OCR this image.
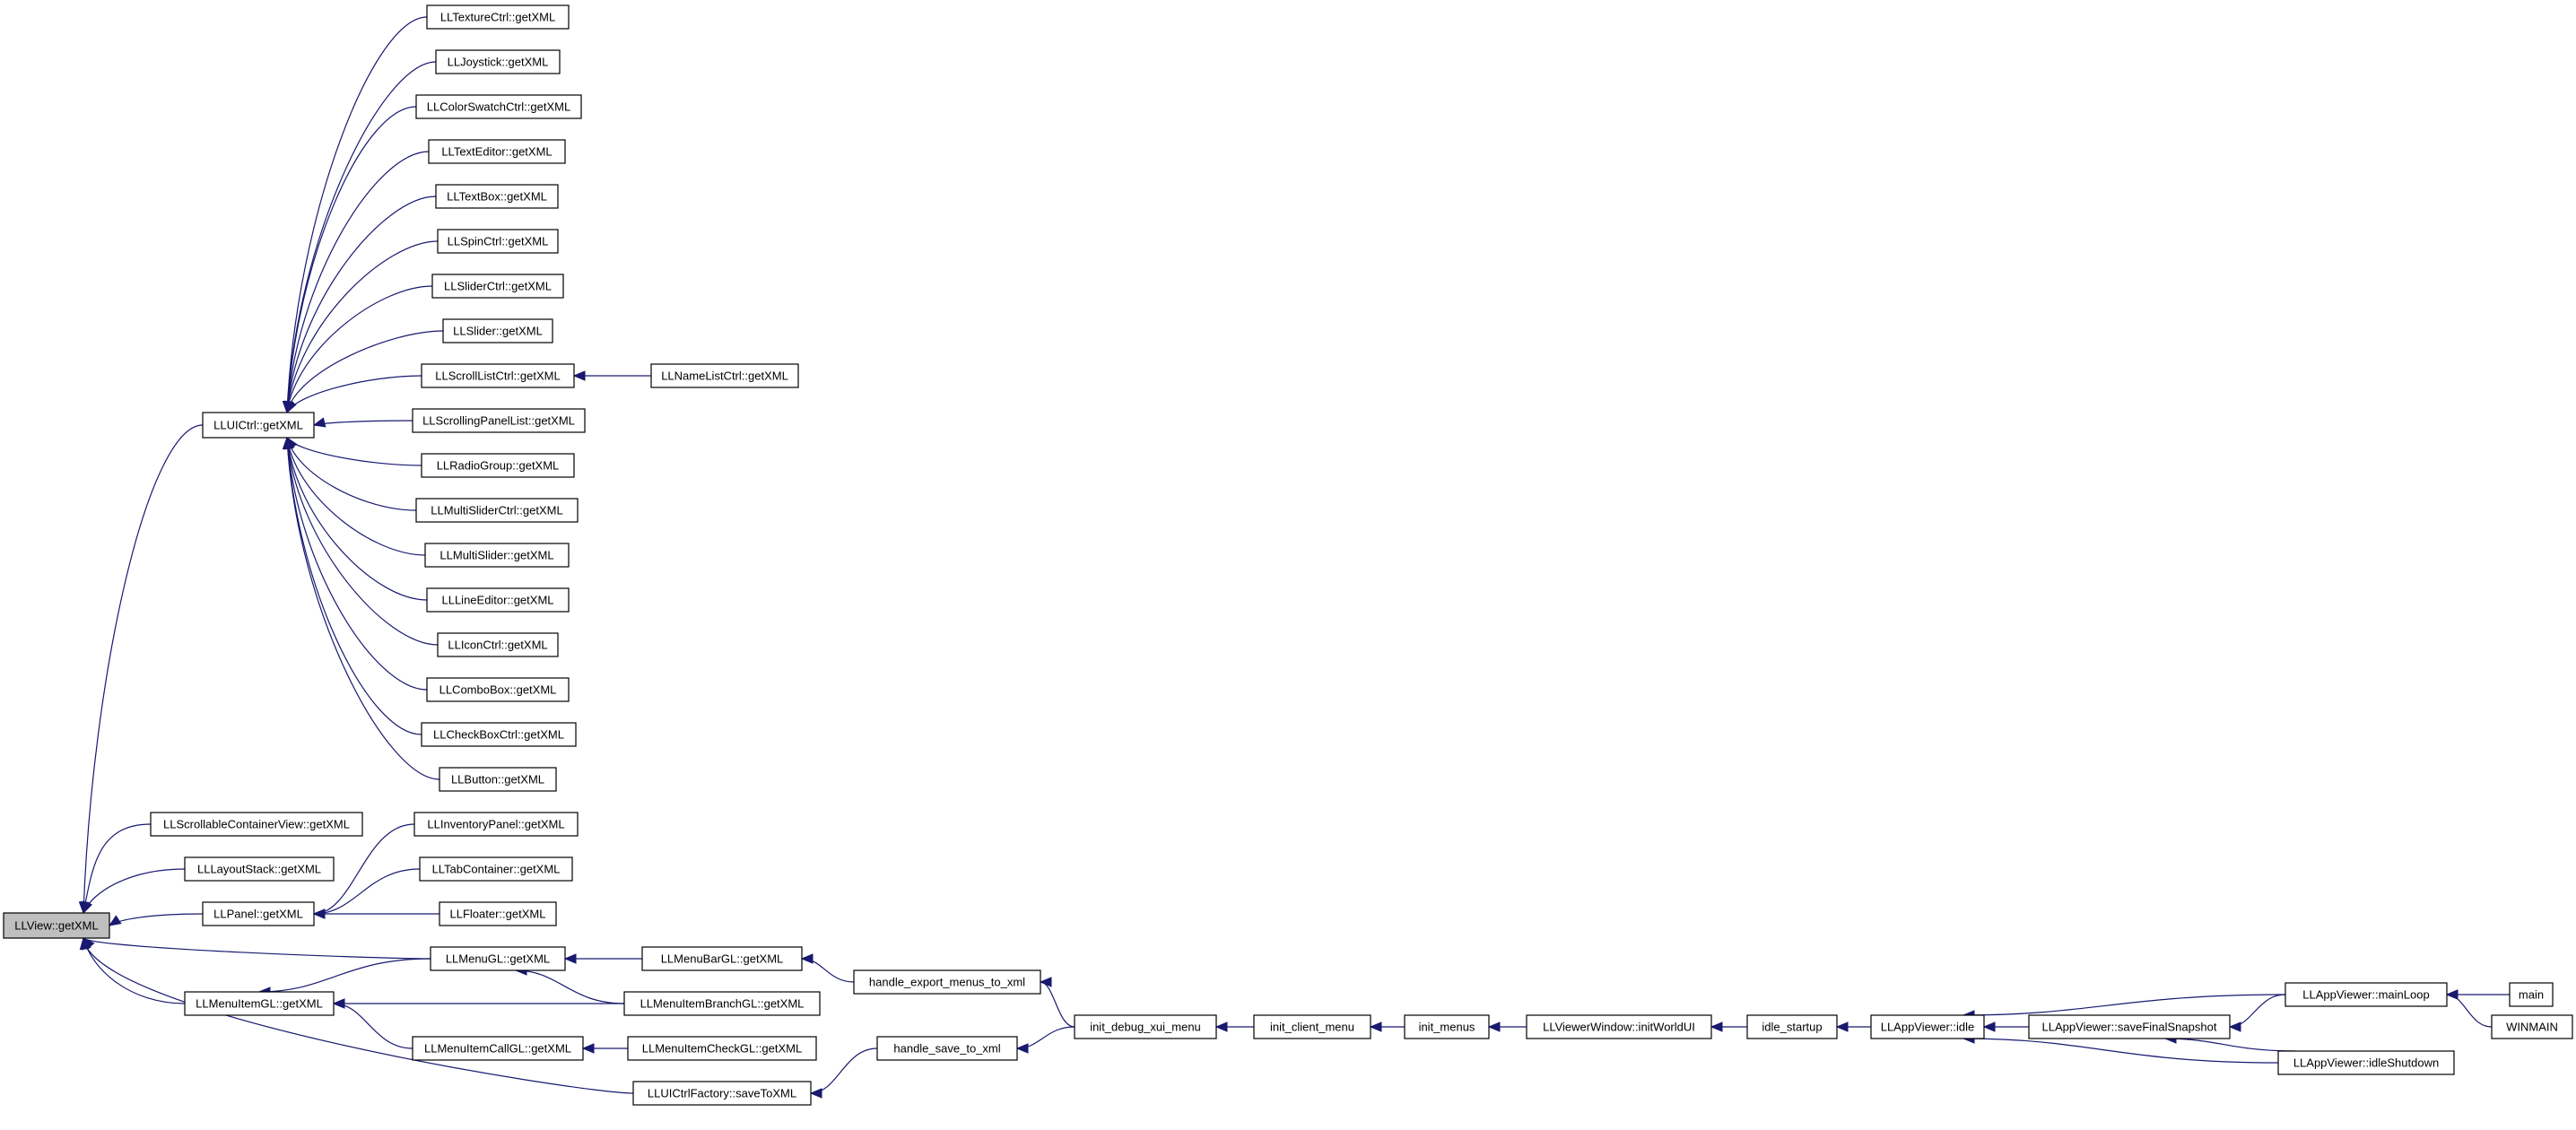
LLView::getXML
LLUICtrl::getXML
LLTextureCtrl::getXML
LLJoystick::getXML
LLColorSwatchCtrl::getXML
LLTextEditor::getXML
LLTextBox::getXML
LLSpinCtrl::getXML
LLSliderCtrl::getXML
LLSlider::getXML
LLScrollListCtrl::getXML	LLNameListCtrl::getXML
LLScrollingPanelList::getXML
LLRadioGroup::getXML
LLMultiSliderCtrl::getXML
LLMultiSlider::getXML
LLLineEditor::getXML
LLIconCtrl::getXML
LLComboBox::getXML
LLCheckBoxCtrl::getXML
LLButton::getXML
LLScrollableContainerView::getXML
LLLayoutStack::getXML
LLPanel::getXML
LLInventoryPanel::getXML
LLTabContainer::getXML
LLFloater::getXML
LLMenuGL::getXML	LLMenuBarGL::getXML
LLMenuItemGL::getXML	LLMenuItemBranchGL::getXML
LLMenuItemCallGL::getXML	LLMenuItemCheckGL::getXML
LLUICtrlFactory::saveToXML
handle_export_menus_to_xml
handle_save_to_xml
init_debug_xui_menu	init_client_menu	init_menus	LLViewerWindow::initWorldUI	idle_startup	LLAppViewer::idle	LLAppViewer::saveFinalSnapshot
LLAppViewer::mainLoop
LLAppViewer::idleShutdown
main
WINMAIN
